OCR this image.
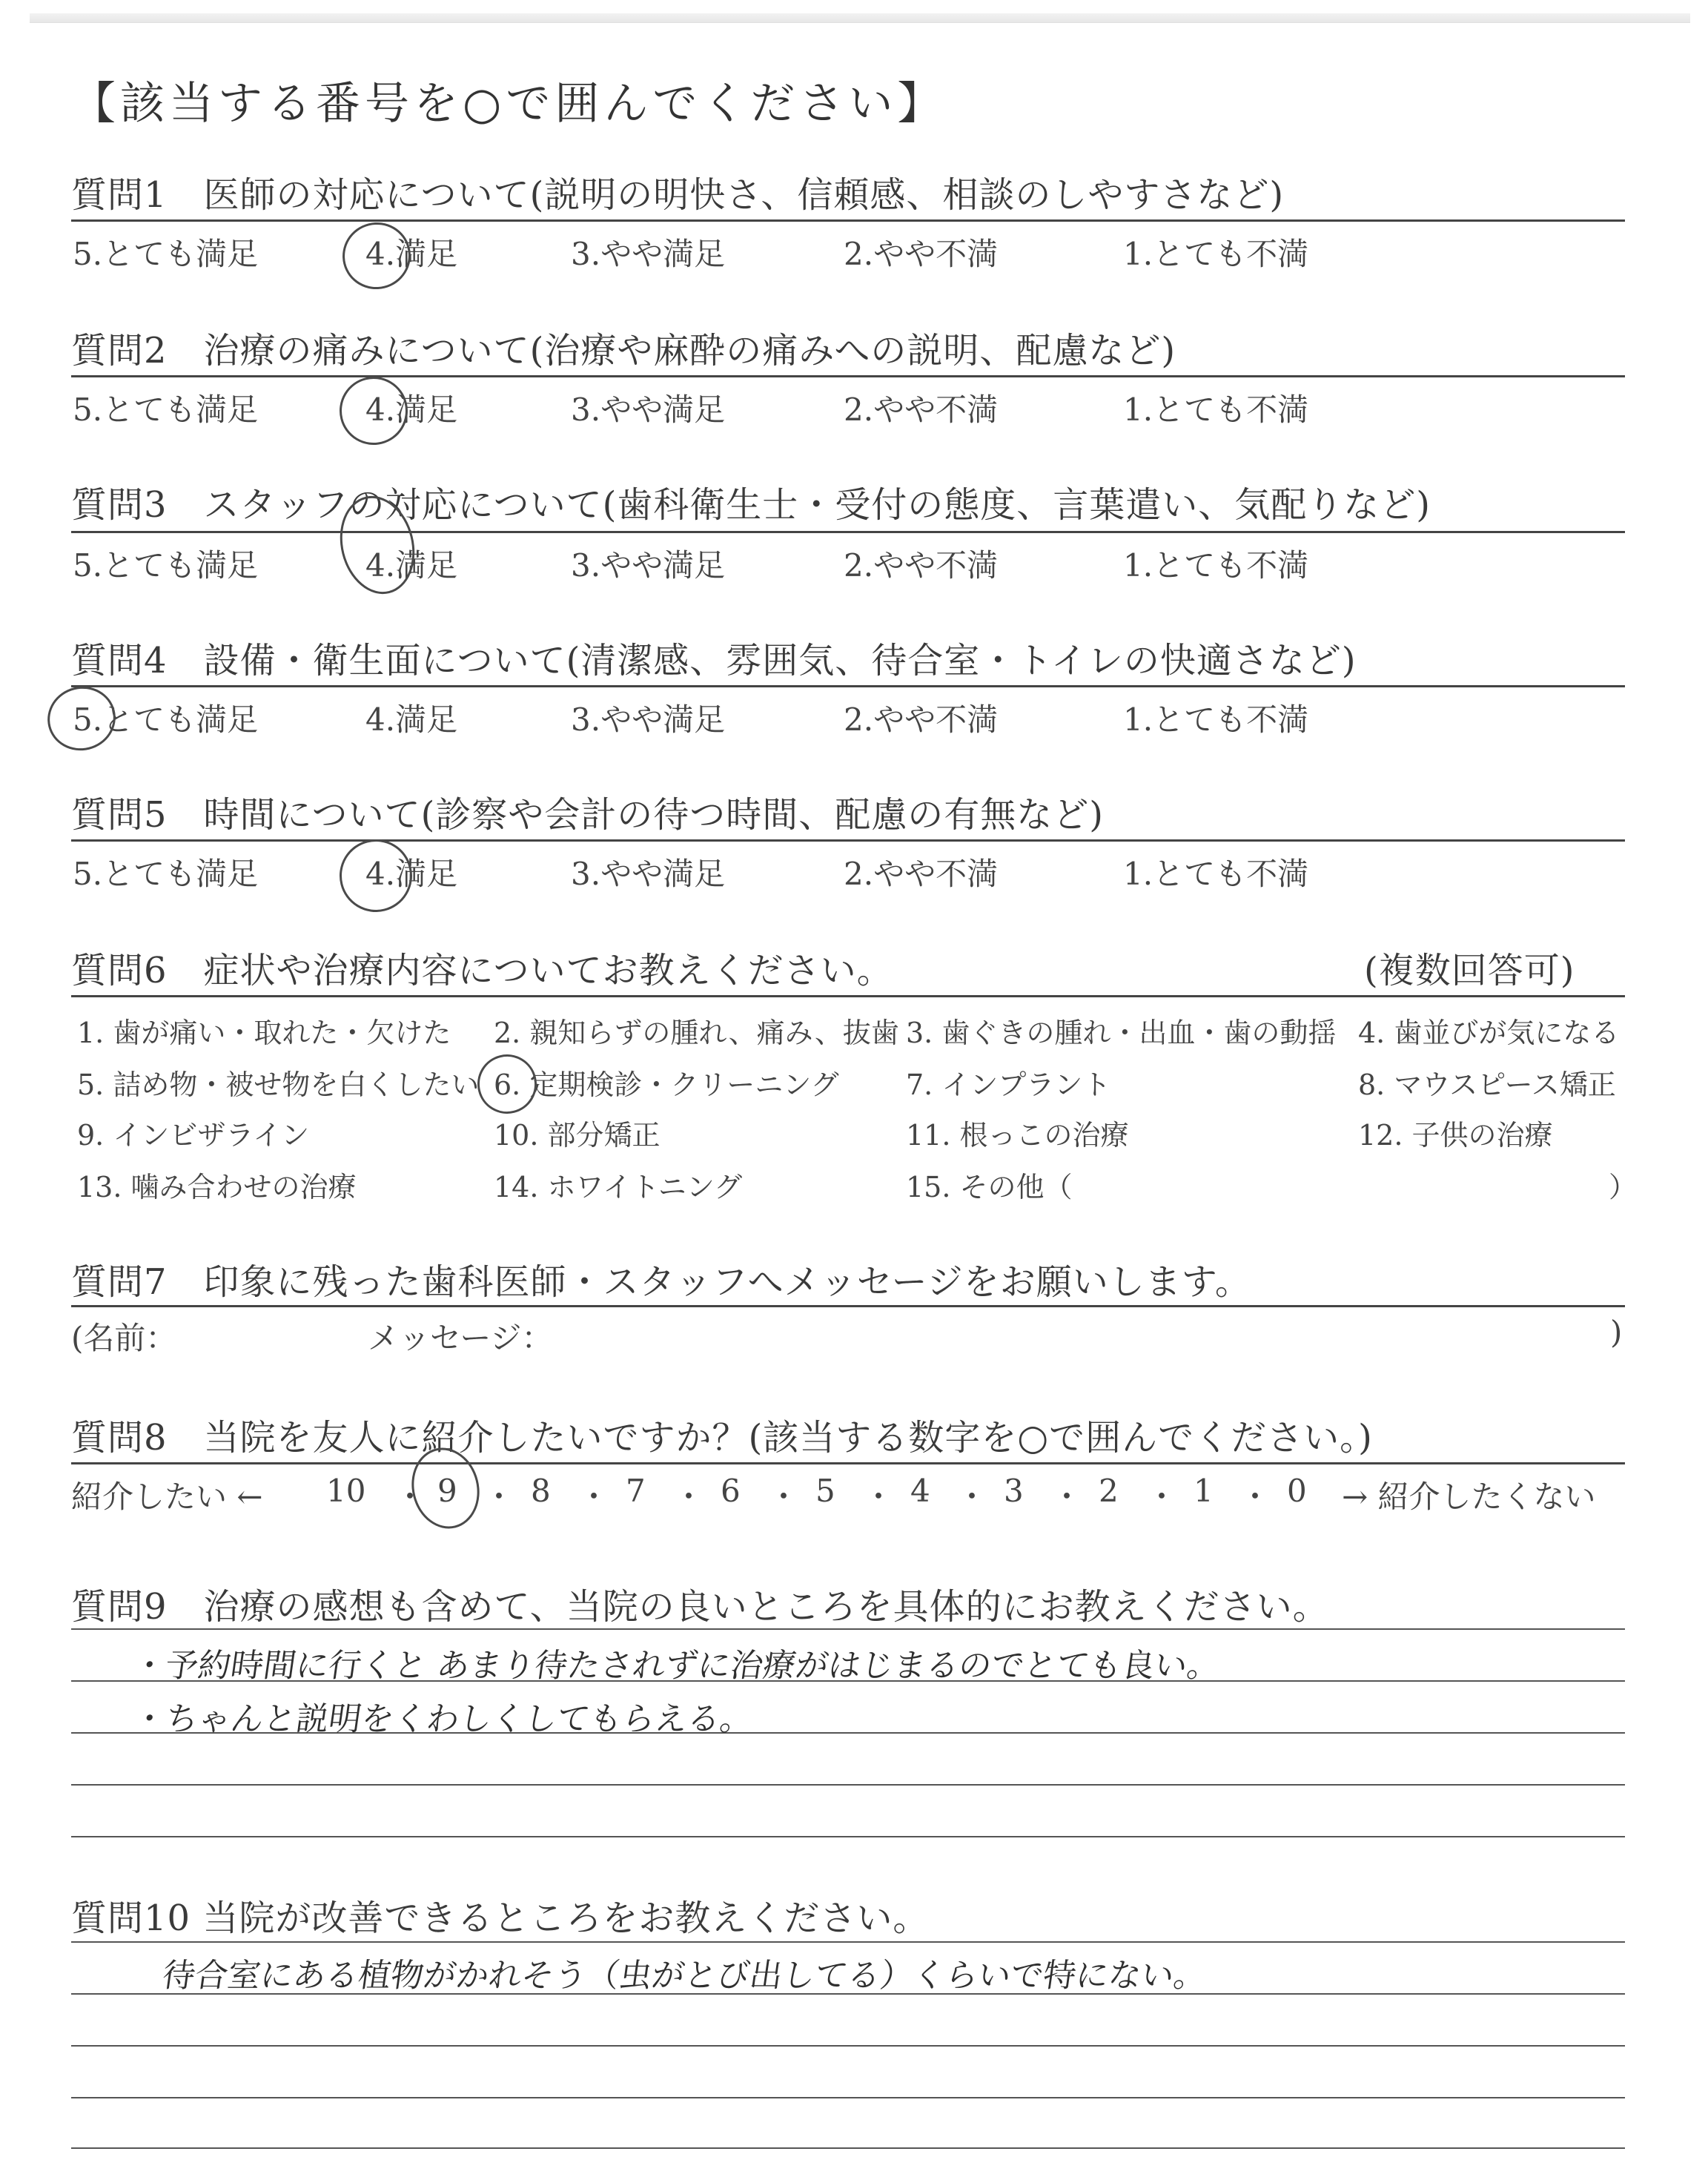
【該当する番号を○で囲んでください】
質問1　医師の対応について(説明の明快さ、信頼感、相談のしやすさなど)
5.とても満足	4.満足	3.やや満足	2.やや不満	1.とても不満
質問2　治療の痛みについて(治療や麻酔の痛みへの説明、配慮など)
5.とても満足	4.満足	3.やや満足	2.やや不満	1.とても不満
質問3　スタッフの対応について(歯科衛生士・受付の態度、言葉遣い、気配りなど)
5.とても満足	4.満足	3.やや満足	2.やや不満	1.とても不満
質問4　設備・衛生面について(清潔感、雰囲気、待合室・トイレの快適さなど)
5.とても満足	4.満足	3.やや満足	2.やや不満	1.とても不満
質問5　時間について(診察や会計の待つ時間、配慮の有無など)
5.とても満足	4.満足	3.やや満足	2.やや不満	1.とても不満
質問6　症状や治療内容についてお教えください。	(複数回答可)
1. 歯が痛い・取れた・欠けた 2. 親知らずの腫れ、痛み、抜歯 3. 歯ぐきの腫れ・出血・歯の動揺 4. 歯並びが気になる
5. 詰め物・被せ物を白くしたい 6. 定期検診・クリーニング 7. インプラント	8. マウスピース矯正
9. インビザライン	10. 部分矯正	11. 根っこの治療	12. 子供の治療
13. 噛み合わせの治療	14. ホワイトニング	15. その他（	）
質問7　印象に残った歯科医師・スタッフへメッセージをお願いします。
(名前：	メッセージ：	)
質問8　当院を友人に紹介したいですか？(該当する数字を○で囲んでください。)
紹介したい ←	→ 紹介したくない
10 9 8 7 6 5 4 3 2 1 0
・ ・ ・ ・ ・ ・ ・ ・ ・ ・
質問9　治療の感想も含めて、当院の良いところを具体的にお教えください。
・予約時間に行くと あまり待たされずに治療がはじまるのでとても良い。
・ちゃんと説明をくわしくしてもらえる。
質問10 当院が改善できるところをお教えください。
待合室にある植物がかれそう（虫がとび出してる）くらいで特にない。
